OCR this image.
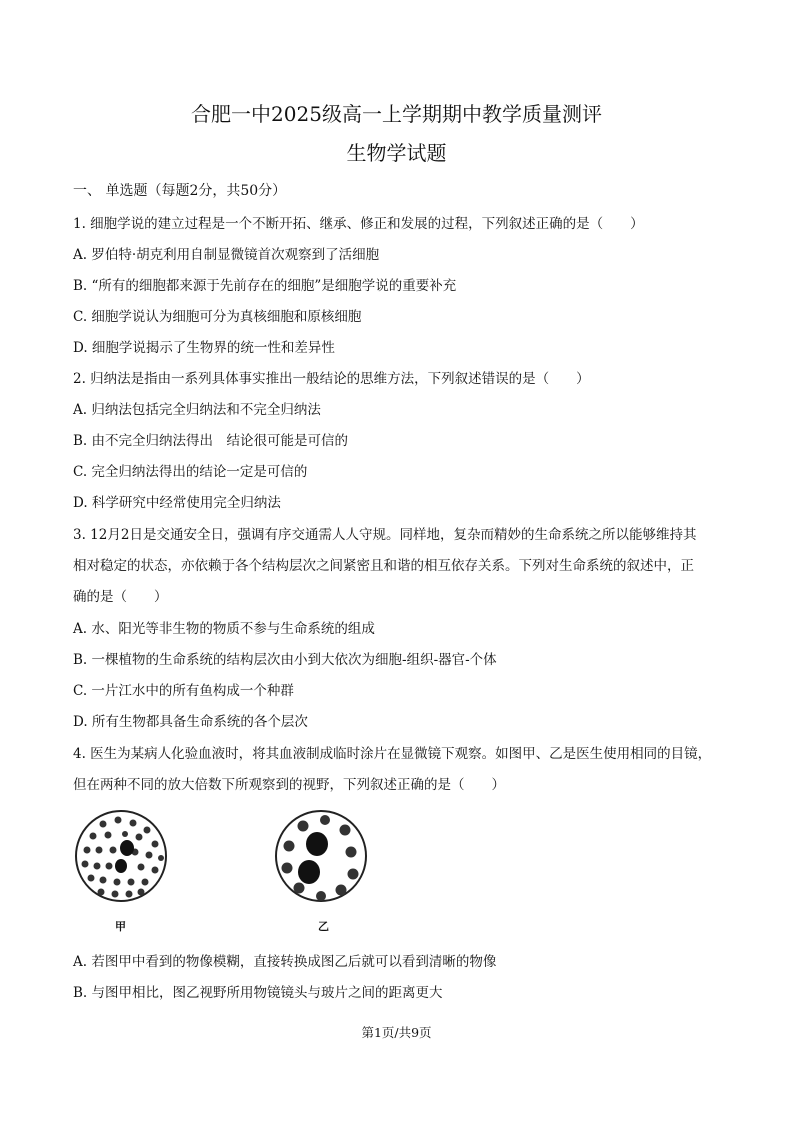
合肥一中2025级高一上学期期中教学质量测评
生物学试题
一、 单选题（每题2分，共50分）
1. 细胞学说的建立过程是一个不断开拓、继承、修正和发展的过程，下列叙述正确的是（　　）
A. 罗伯特·胡克利用自制显微镜首次观察到了活细胞
B. “所有的细胞都来源于先前存在的细胞”是细胞学说的重要补充
C. 细胞学说认为细胞可分为真核细胞和原核细胞
D. 细胞学说揭示了生物界的统一性和差异性
2. 归纳法是指由一系列具体事实推出一般结论的思维方法，下列叙述错误的是（　　）
A. 归纳法包括完全归纳法和不完全归纳法
B. 由不完全归纳法得出　结论很可能是可信的
C. 完全归纳法得出的结论一定是可信的
D. 科学研究中经常使用完全归纳法
3. 12月2日是交通安全日，强调有序交通需人人守规。同样地，复杂而精妙的生命系统之所以能够维持其
相对稳定的状态，亦依赖于各个结构层次之间紧密且和谐的相互依存关系。下列对生命系统的叙述中，正
确的是（　　）
A. 水、阳光等非生物的物质不参与生命系统的组成
B. 一棵植物的生命系统的结构层次由小到大依次为细胞-组织-器官-个体
C. 一片江水中的所有鱼构成一个种群
D. 所有生物都具备生命系统的各个层次
4. 医生为某病人化验血液时，将其血液制成临时涂片在显微镜下观察。如图甲、乙是医生使用相同的目镜，
但在两种不同的放大倍数下所观察到的视野，下列叙述正确的是（　　）
甲	乙
A. 若图甲中看到的物像模糊，直接转换成图乙后就可以看到清晰的物像
B. 与图甲相比，图乙视野所用物镜镜头与玻片之间的距离更大
第1页/共9页
